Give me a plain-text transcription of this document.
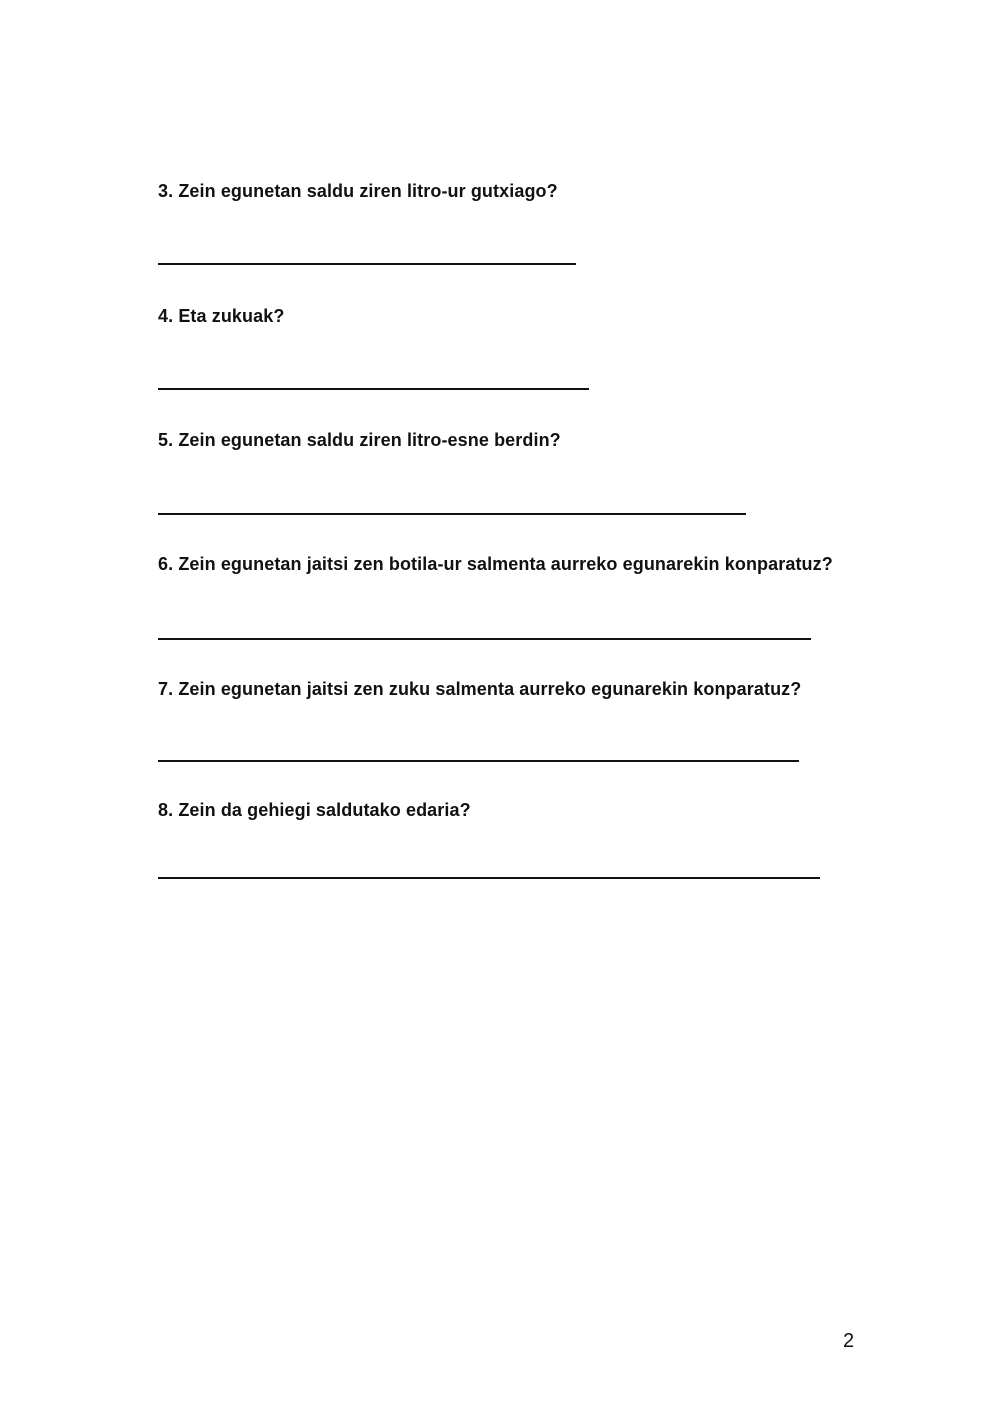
3. Zein egunetan saldu ziren litro-ur gutxiago?
4. Eta zukuak?
5. Zein egunetan saldu ziren litro-esne berdin?
6. Zein egunetan jaitsi zen botila-ur salmenta aurreko egunarekin konparatuz?
7. Zein egunetan jaitsi zen zuku salmenta aurreko egunarekin konparatuz?
8. Zein da gehiegi saldutako edaria?
2
